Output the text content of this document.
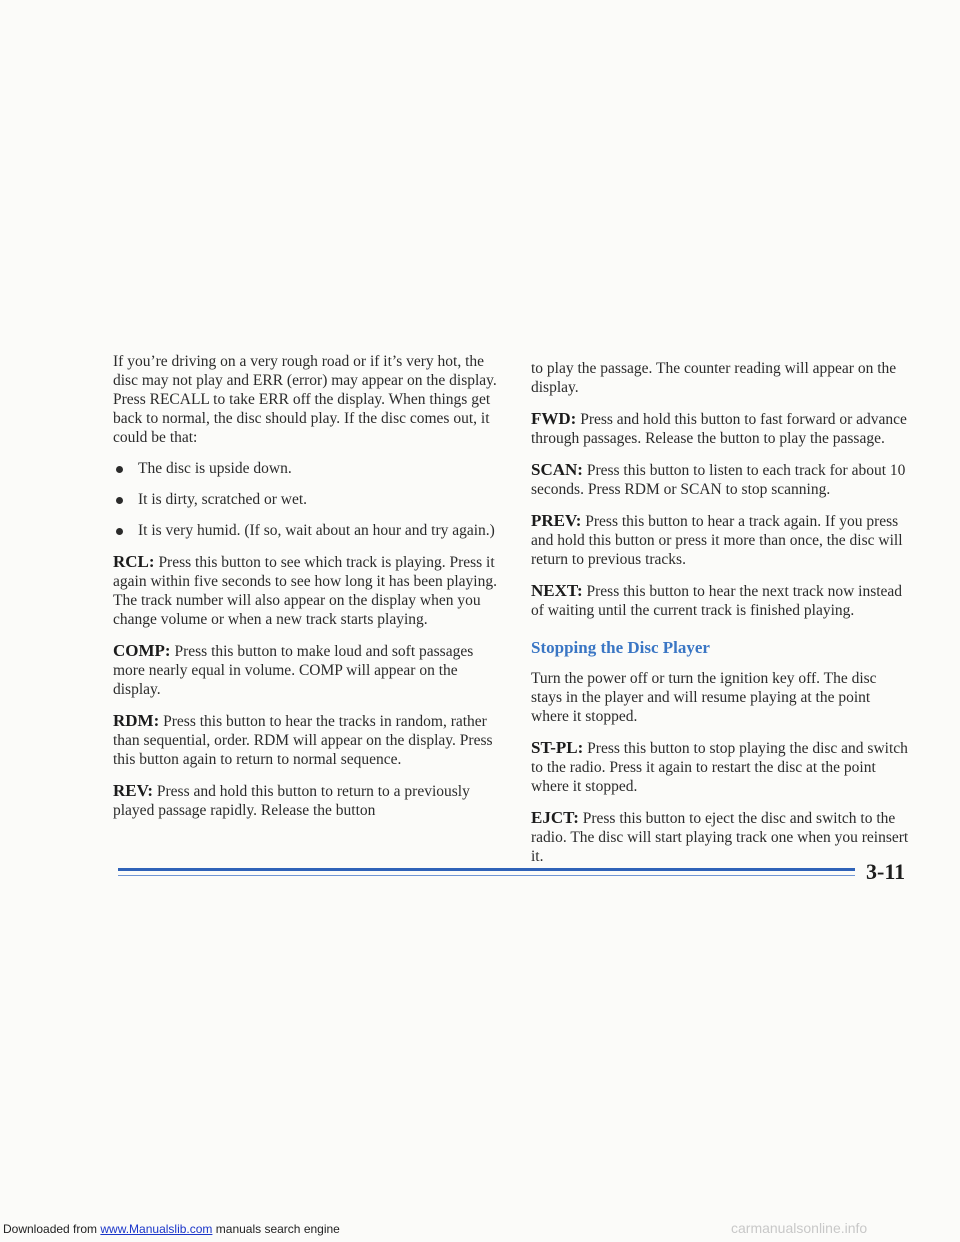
If you’re driving on a very rough road or if it’s very hot, the disc may not play and ERR (error) may appear on the display. Press RECALL to take ERR off the display. When things get back to normal, the disc should play. If the disc comes out, it could be that:

The disc is upside down.
It is dirty, scratched or wet.
It is very humid. (If so, wait about an hour and try again.)

RCL: Press this button to see which track is playing. Press it again within five seconds to see how long it has been playing. The track number will also appear on the display when you change volume or when a new track starts playing.

COMP: Press this button to make loud and soft passages more nearly equal in volume. COMP will appear on the display.

RDM: Press this button to hear the tracks in random, rather than sequential, order. RDM will appear on the display. Press this button again to return to normal sequence.

REV: Press and hold this button to return to a previously played passage rapidly. Release the button

to play the passage. The counter reading will appear on the display.

FWD: Press and hold this button to fast forward or advance through passages. Release the button to play the passage.

SCAN: Press this button to listen to each track for about 10 seconds. Press RDM or SCAN to stop scanning.

PREV: Press this button to hear a track again. If you press and hold this button or press it more than once, the disc will return to previous tracks.

NEXT: Press this button to hear the next track now instead of waiting until the current track is finished playing.

Stopping the Disc Player

Turn the power off or turn the ignition key off. The disc stays in the player and will resume playing at the point where it stopped.

ST-PL: Press this button to stop playing the disc and switch to the radio. Press it again to restart the disc at the point where it stopped.

EJCT: Press this button to eject the disc and switch to the radio. The disc will start playing track one when you reinsert it.

3-11
Downloaded from www.Manualslib.com manuals search engine	carmanualsonline.info
